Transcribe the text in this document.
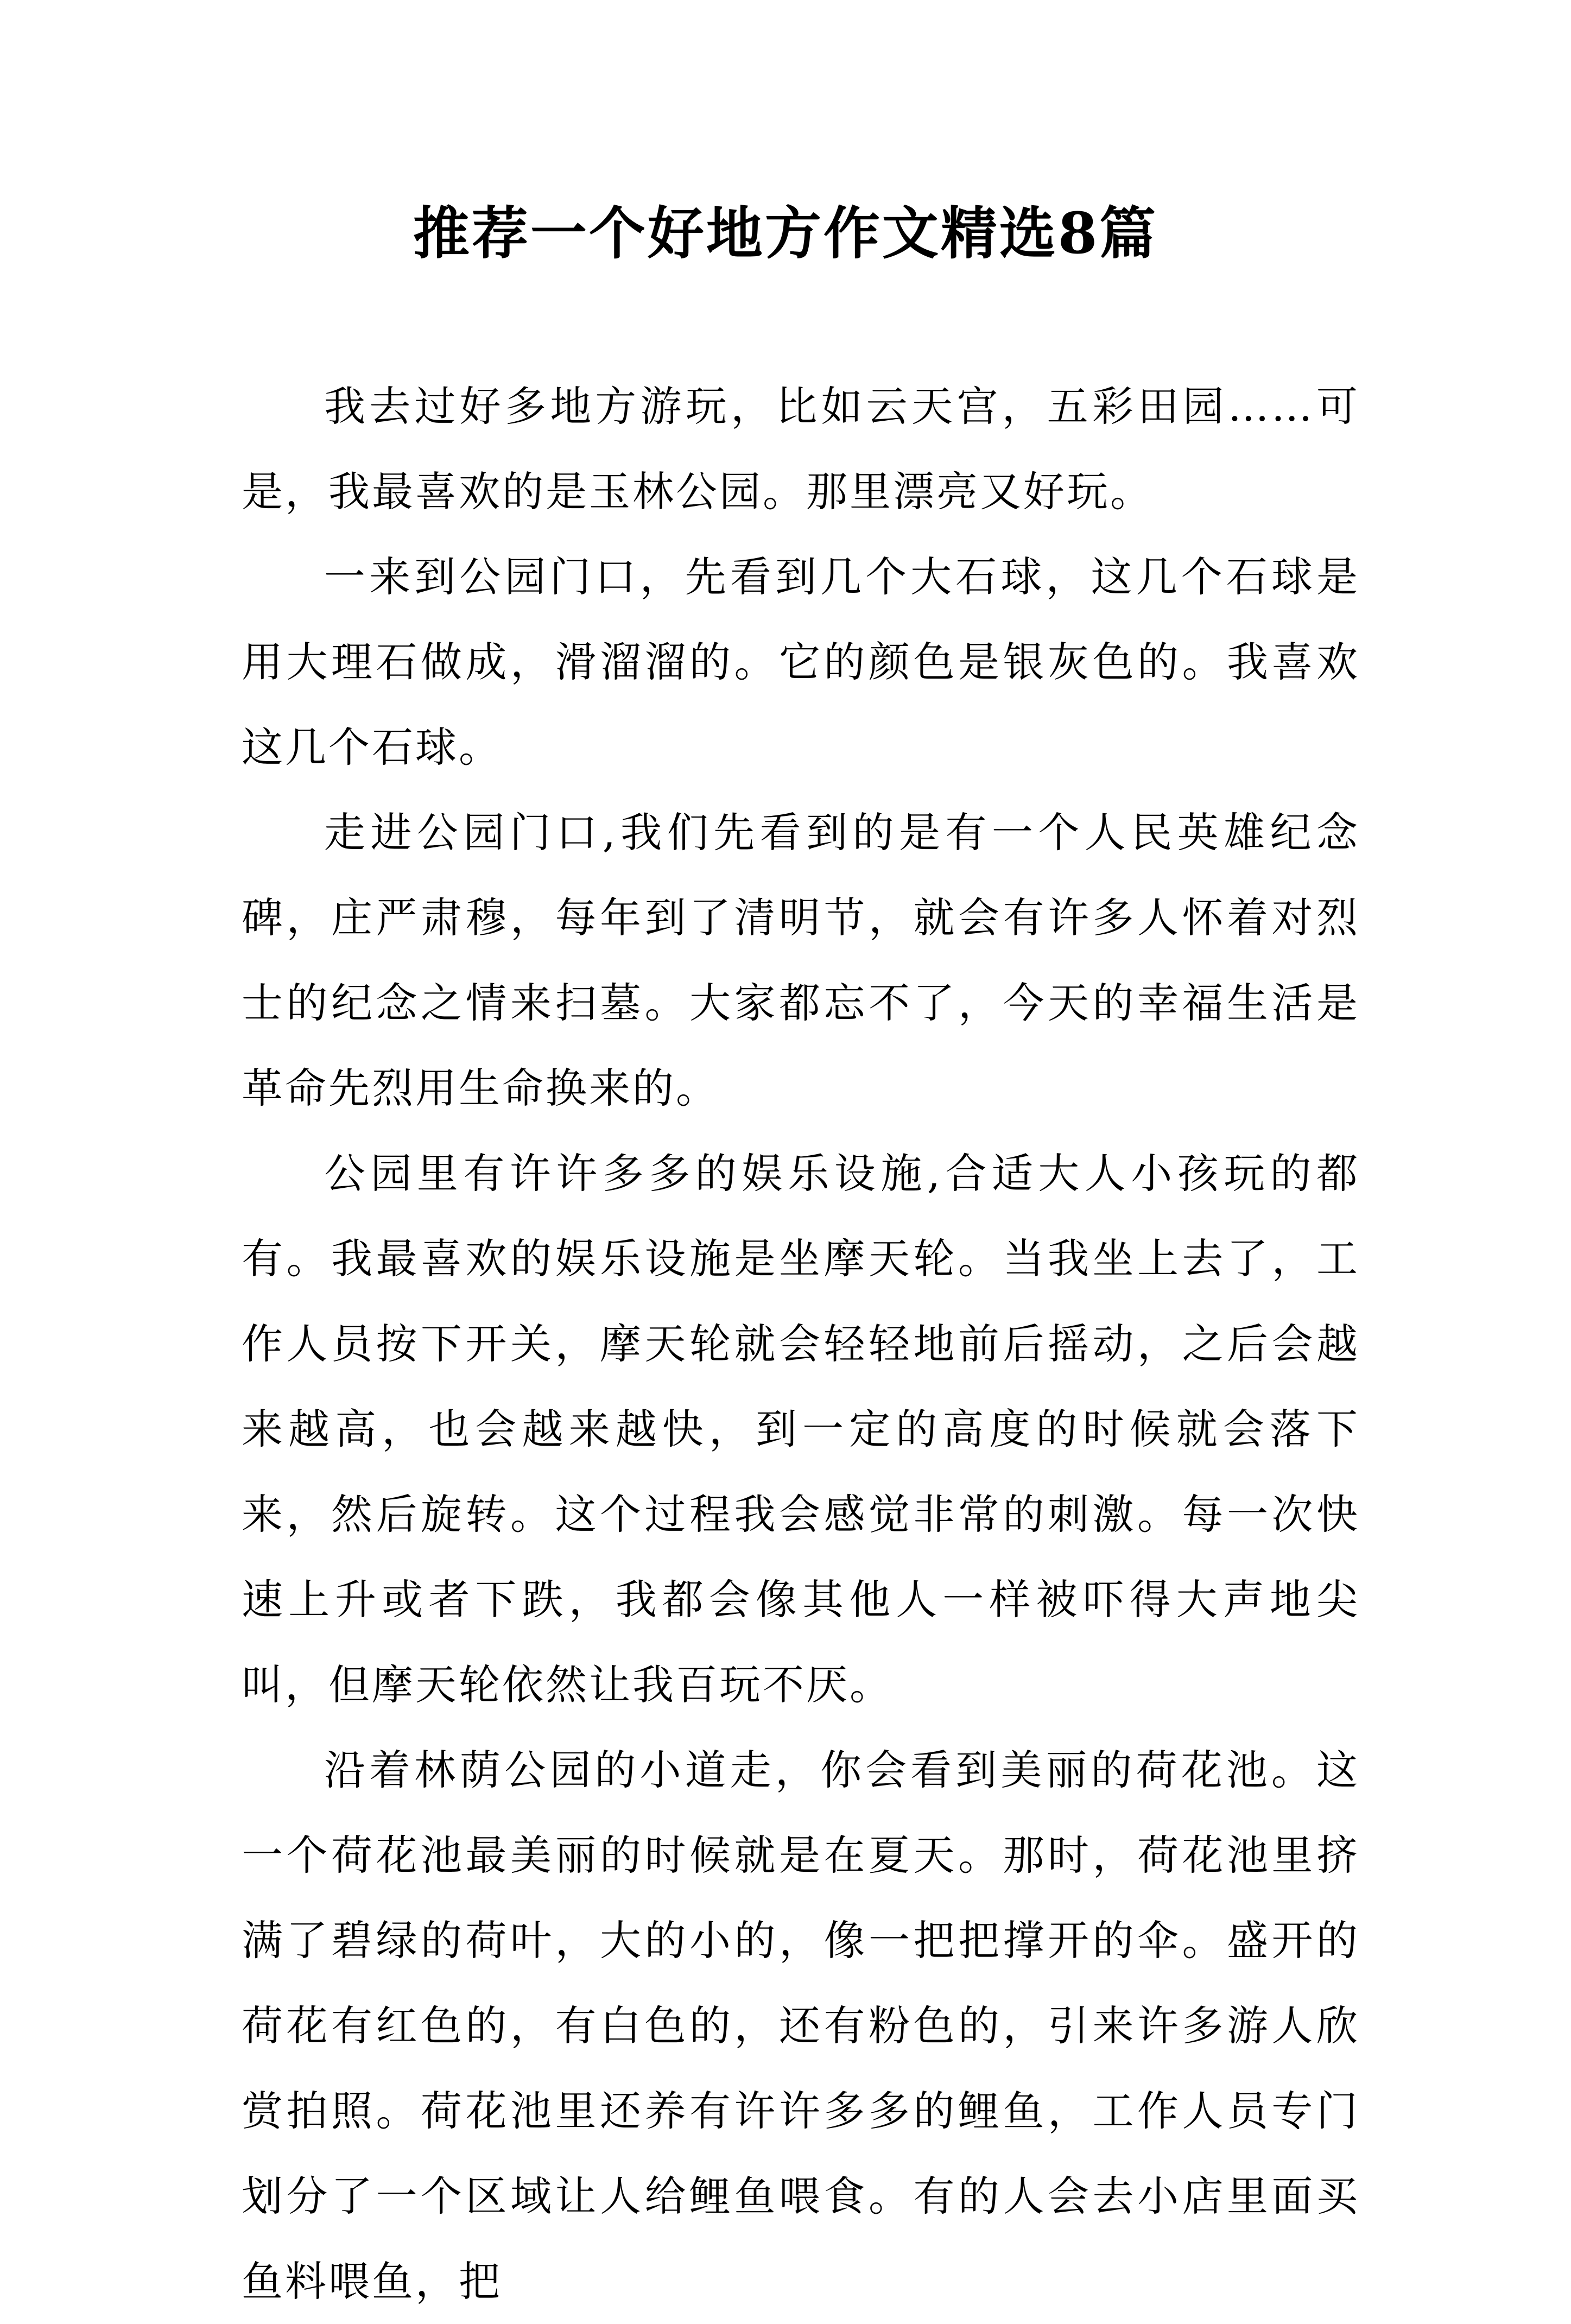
推荐一个好地方作文精选8篇

我去过好多地方游玩，比如云天宫，五彩田园……可是，我最喜欢的是玉林公园。那里漂亮又好玩。

一来到公园门口，先看到几个大石球，这几个石球是用大理石做成，滑溜溜的。它的颜色是银灰色的。我喜欢这几个石球。

走进公园门口,我们先看到的是有一个人民英雄纪念碑，庄严肃穆，每年到了清明节，就会有许多人怀着对烈士的纪念之情来扫墓。大家都忘不了，今天的幸福生活是革命先烈用生命换来的。

公园里有许许多多的娱乐设施,合适大人小孩玩的都有。我最喜欢的娱乐设施是坐摩天轮。当我坐上去了，工作人员按下开关，摩天轮就会轻轻地前后摇动，之后会越来越高，也会越来越快，到一定的高度的时候就会落下来，然后旋转。这个过程我会感觉非常的刺激。每一次快速上升或者下跌，我都会像其他人一样被吓得大声地尖叫，但摩天轮依然让我百玩不厌。

沿着林荫公园的小道走，你会看到美丽的荷花池。这一个荷花池最美丽的时候就是在夏天。那时，荷花池里挤满了碧绿的荷叶，大的小的，像一把把撑开的伞。盛开的荷花有红色的，有白色的，还有粉色的，引来许多游人欣赏拍照。荷花池里还养有许许多多的鲤鱼，工作人员专门划分了一个区域让人给鲤鱼喂食。有的人会去小店里面买鱼料喂鱼，把
